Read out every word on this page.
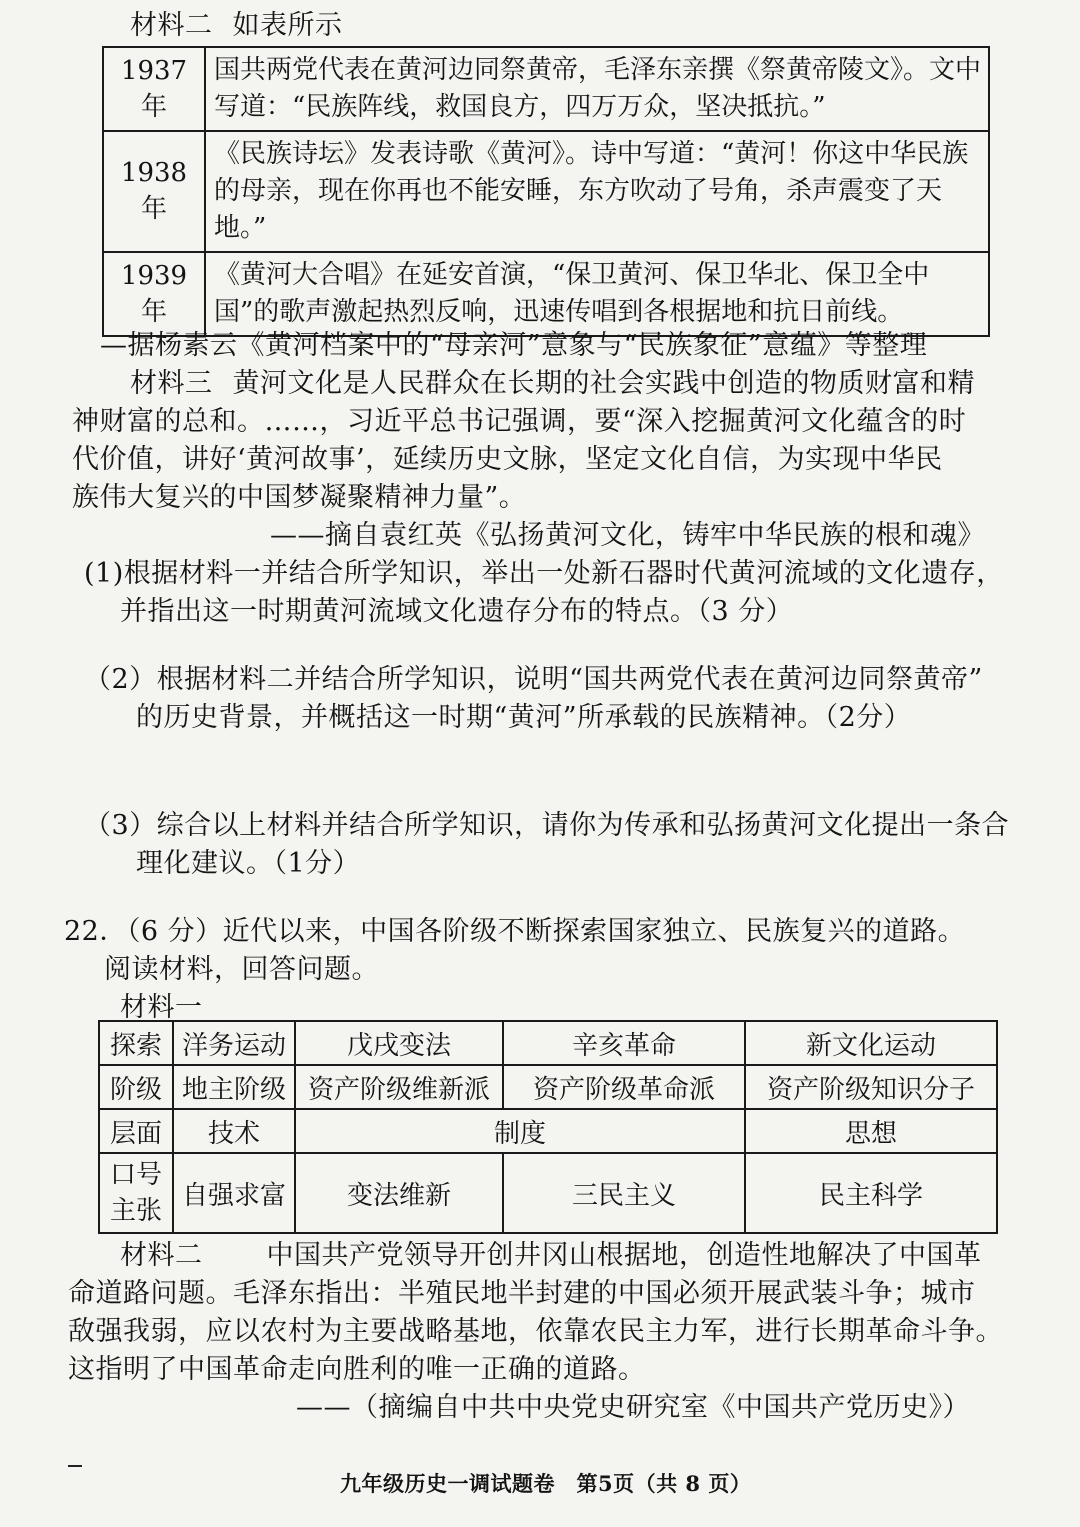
材料二 如表所示
1937 年	国共两党代表在黄河边同祭黄帝，毛泽东亲撰《祭黄帝陵文》。文中写道：“民族阵线，救国良方，四万万众，坚决抵抗。”
1938 年	《民族诗坛》发表诗歌《黄河》。诗中写道：“黄河！你这中华民族的母亲，现在你再也不能安睡，东方吹动了号角，杀声震变了天地。”
1939 年	《黄河大合唱》在延安首演，“保卫黄河、保卫华北、保卫全中国”的歌声激起热烈反响，迅速传唱到各根据地和抗日前线。
—据杨素云《黄河档案中的“母亲河”意象与“民族象征”意蕴》等整理
材料三 黄河文化是人民群众在长期的社会实践中创造的物质财富和精
神财富的总和。……，习近平总书记强调，要“深入挖掘黄河文化蕴含的时
代价值，讲好‘黄河故事’，延续历史文脉，坚定文化自信，为实现中华民
族伟大复兴的中国梦凝聚精神力量”。
——摘自袁红英《弘扬黄河文化，铸牢中华民族的根和魂》
(1)根据材料一并结合所学知识，举出一处新石器时代黄河流域的文化遗存，
并指出这一时期黄河流域文化遗存分布的特点。（3 分）
（2）根据材料二并结合所学知识，说明“国共两党代表在黄河边同祭黄帝”
的历史背景，并概括这一时期“黄河”所承载的民族精神。（2分）
（3）综合以上材料并结合所学知识，请你为传承和弘扬黄河文化提出一条合
理化建议。（1分）
22．（6 分）近代以来，中国各阶级不断探索国家独立、民族复兴的道路。
阅读材料，回答问题。
材料一
探索	洋务运动	戊戌变法	辛亥革命	新文化运动
阶级	地主阶级	资产阶级维新派	资产阶级革命派	资产阶级知识分子
层面	技术	制度		思想
口号
主张	自强求富	变法维新	三民主义	民主科学
材料二 中国共产党领导开创井冈山根据地，创造性地解决了中国革
命道路问题。毛泽东指出：半殖民地半封建的中国必须开展武装斗争；城市
敌强我弱，应以农村为主要战略基地，依靠农民主力军，进行长期革命斗争。
这指明了中国革命走向胜利的唯一正确的道路。
——（摘编自中共中央党史研究室《中国共产党历史》）
九年级历史一调试题卷　第5页（共 8 页）
